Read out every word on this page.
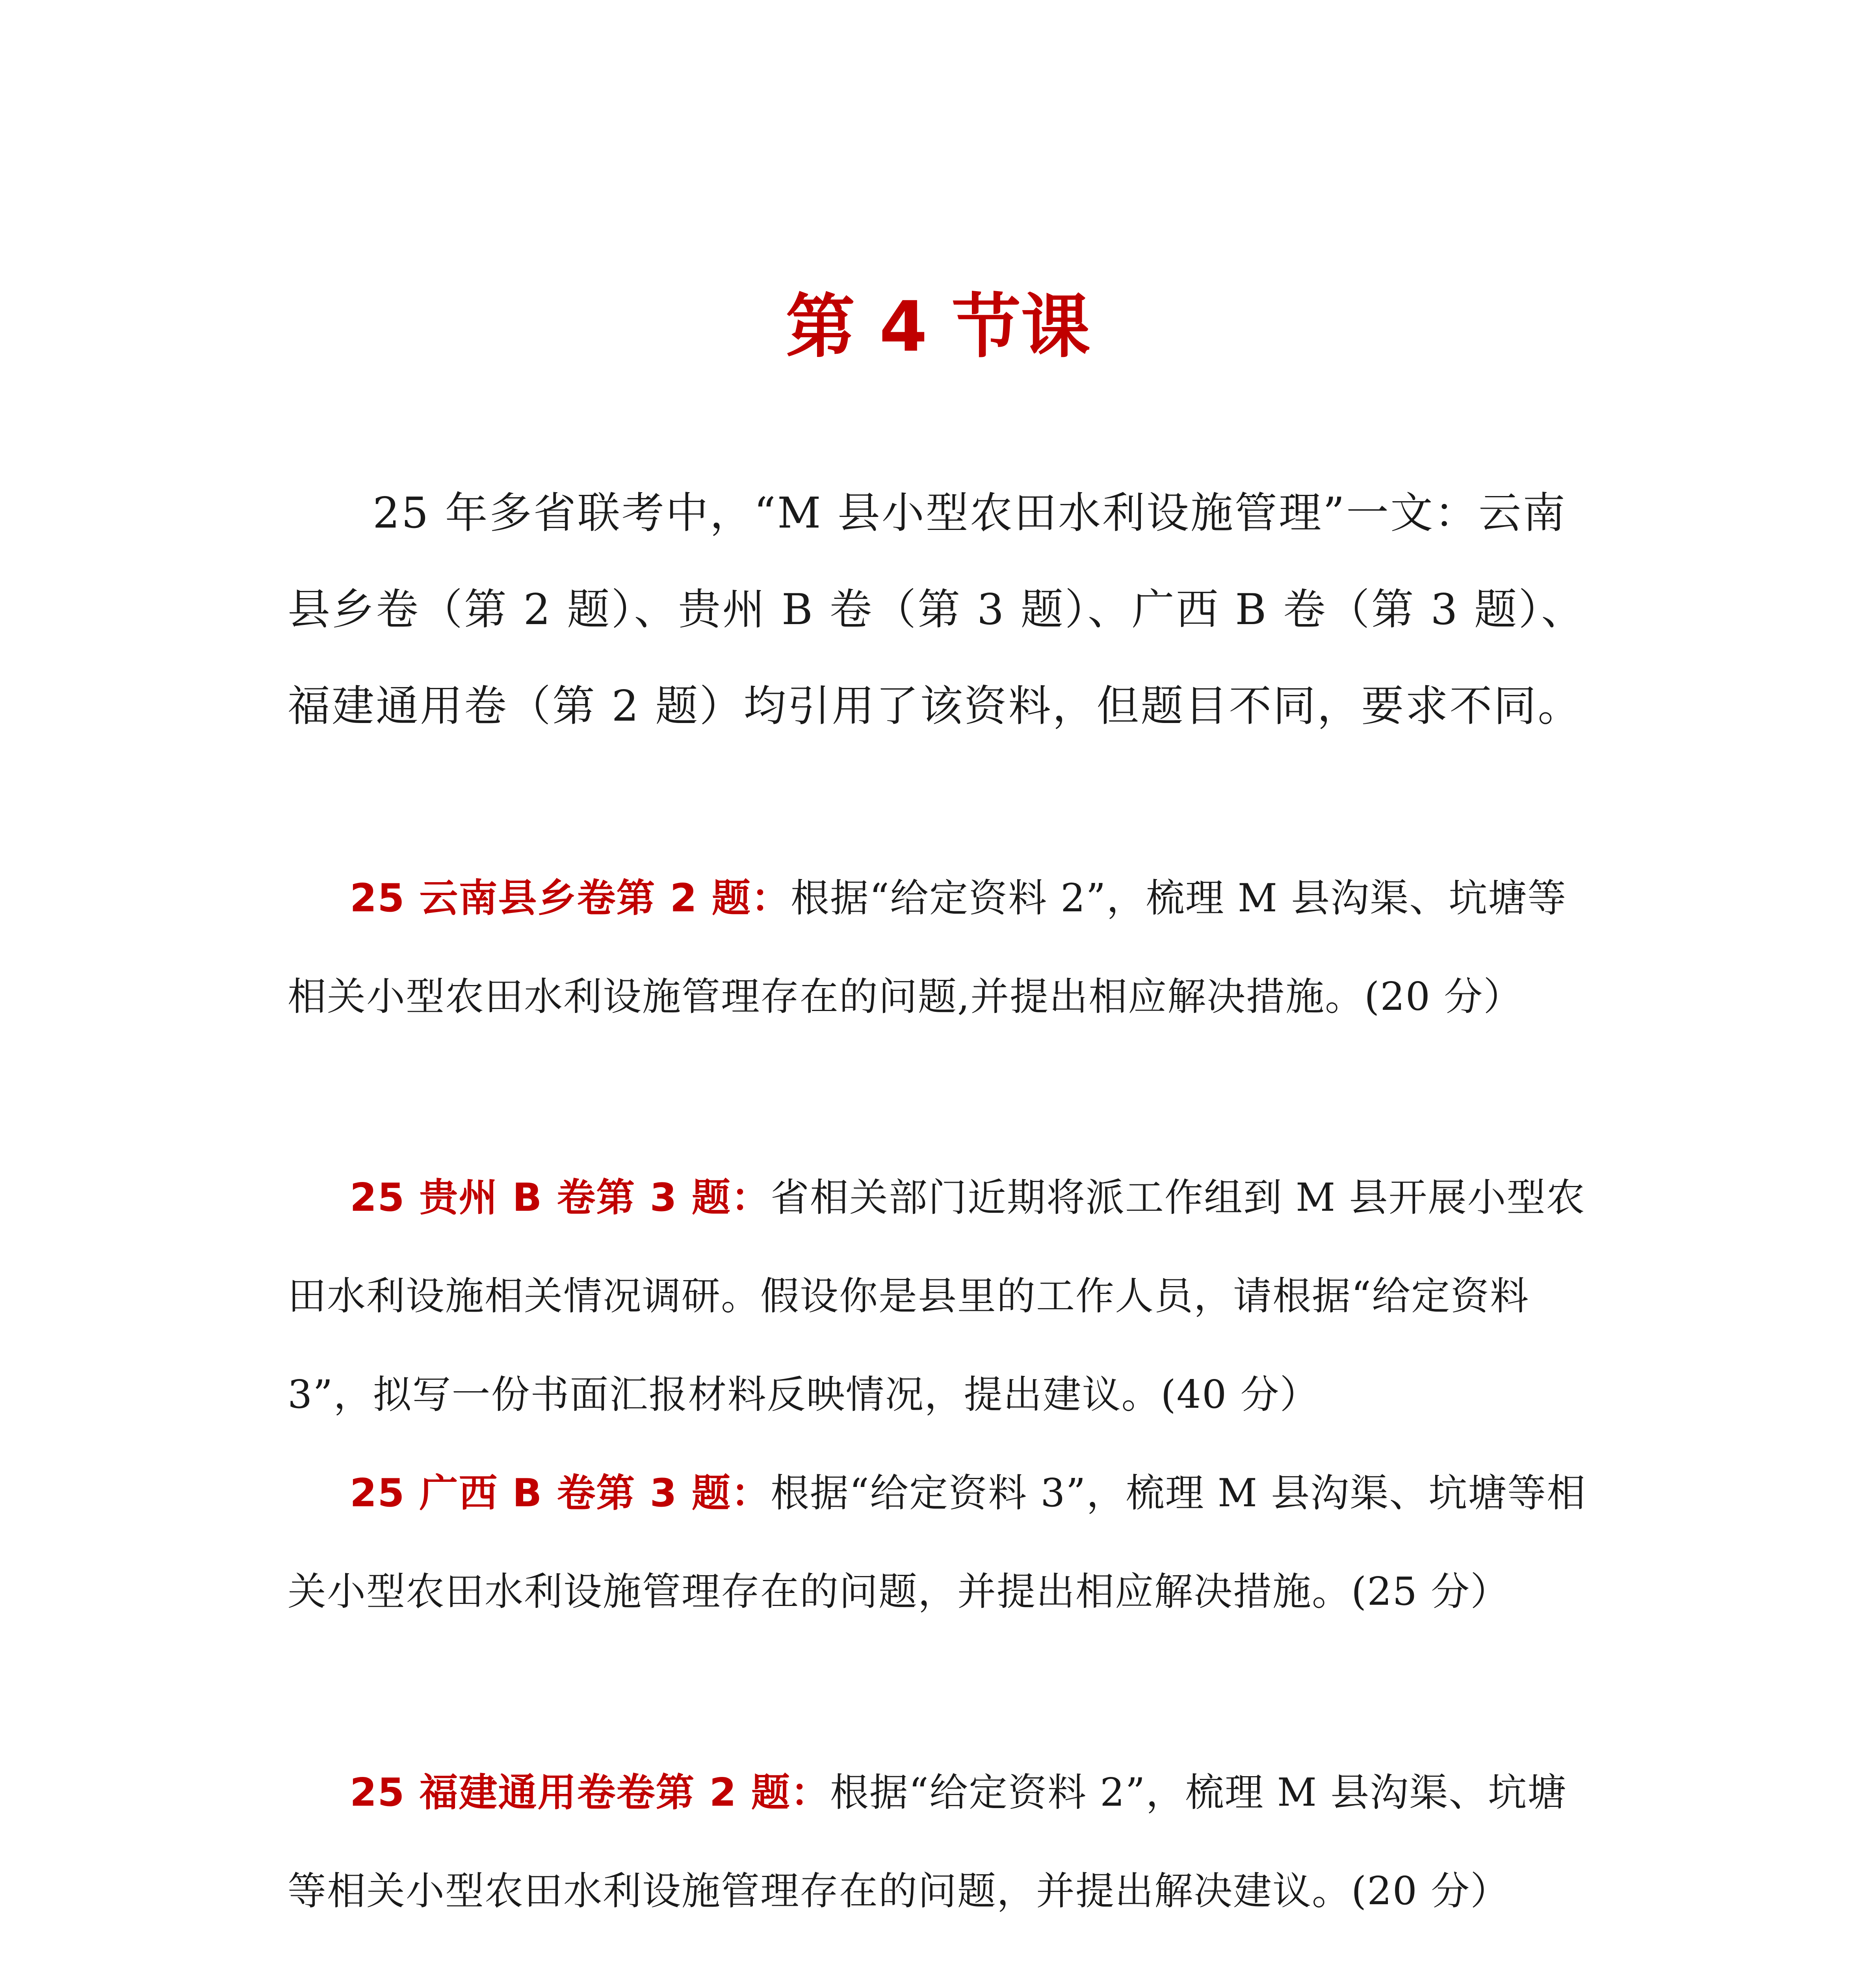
第 4 节课

25 年多省联考中，“M 县小型农田水利设施管理”一文：云南县乡卷（第 2 题）、贵州 B 卷（第 3 题）、广西 B 卷（第 3 题）、福建通用卷（第 2 题）均引用了该资料，但题目不同，要求不同。

25 云南县乡卷第 2 题：根据“给定资料 2”，梳理 M 县沟渠、坑塘等相关小型农田水利设施管理存在的问题,并提出相应解决措施。(20 分）

25 贵州 B 卷第 3 题：省相关部门近期将派工作组到 M 县开展小型农田水利设施相关情况调研。假设你是县里的工作人员，请根据“给定资料 3”，拟写一份书面汇报材料反映情况，提出建议。(40 分）

25 广西 B 卷第 3 题：根据“给定资料 3”，梳理 M 县沟渠、坑塘等相关小型农田水利设施管理存在的问题，并提出相应解决措施。(25 分）

25 福建通用卷卷第 2 题：根据“给定资料 2”，梳理 M 县沟渠、坑塘等相关小型农田水利设施管理存在的问题，并提出解决建议。(20 分）
